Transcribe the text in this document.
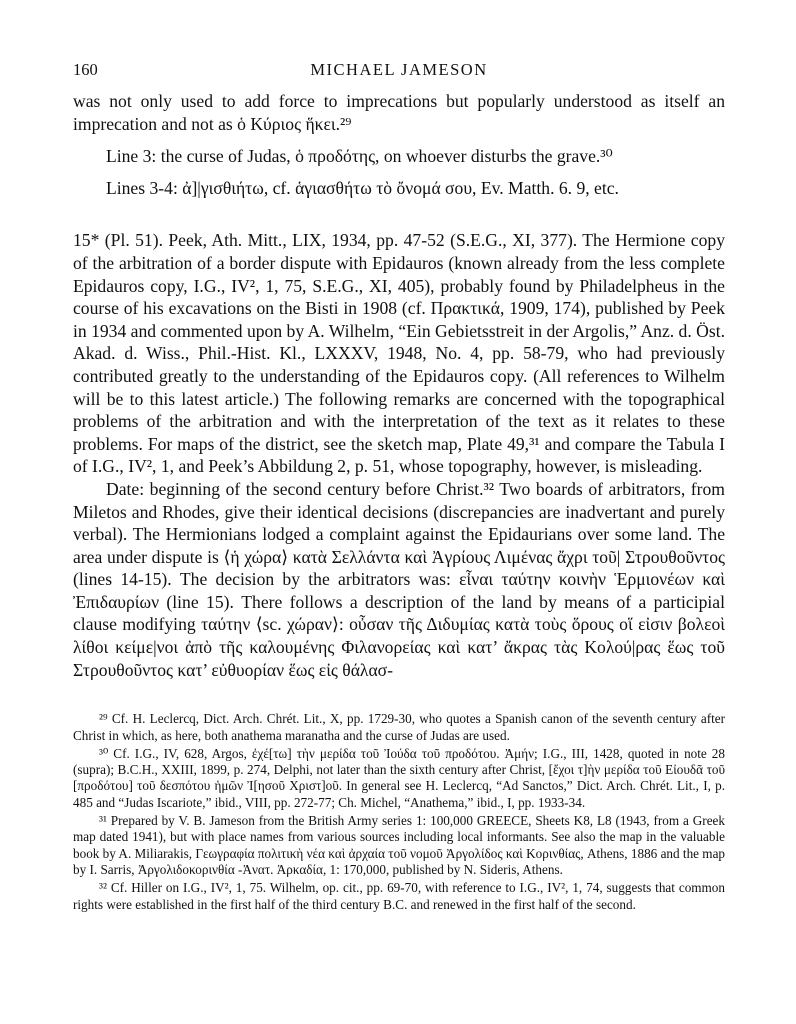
160	MICHAEL JAMESON

was not only used to add force to imprecations but popularly understood as itself an imprecation and not as ὁ Κύριος ἥκει.²⁹

Line 3: the curse of Judas, ὁ προδότης, on whoever disturbs the grave.³⁰

Lines 3-4: ἀ]|γισθιήτω, cf. ἁγιασθήτω τὸ ὄνομά σου, Ev. Matth. 6. 9, etc.

15* (Pl. 51). Peek, Ath. Mitt., LIX, 1934, pp. 47-52 (S.E.G., XI, 377). The Hermione copy of the arbitration of a border dispute with Epidauros (known already from the less complete Epidauros copy, I.G., IV², 1, 75, S.E.G., XI, 405), probably found by Philadelpheus in the course of his excavations on the Bisti in 1908 (cf. Πρακτικά, 1909, 174), published by Peek in 1934 and commented upon by A. Wilhelm, “Ein Gebietsstreit in der Argolis,” Anz. d. Öst. Akad. d. Wiss., Phil.-Hist. Kl., LXXXV, 1948, No. 4, pp. 58-79, who had previously contributed greatly to the understanding of the Epidauros copy. (All references to Wilhelm will be to this latest article.) The following remarks are concerned with the topographical problems of the arbitration and with the interpretation of the text as it relates to these problems. For maps of the district, see the sketch map, Plate 49,³¹ and compare the Tabula I of I.G., IV², 1, and Peek’s Abbildung 2, p. 51, whose topography, however, is misleading.

Date: beginning of the second century before Christ.³² Two boards of arbitrators, from Miletos and Rhodes, give their identical decisions (discrepancies are inadvertant and purely verbal). The Hermionians lodged a complaint against the Epidaurians over some land. The area under dispute is ⟨ἡ χώρα⟩ κατὰ Σελλάντα καὶ Ἀγρίους Λιμένας ἄχρι τοῦ| Στρουθοῦντος (lines 14-15). The decision by the arbitrators was: εἶναι ταύτην κοινὴν Ἑρμιονέων καὶ Ἐπιδαυρίων (line 15). There follows a description of the land by means of a participial clause modifying ταύτην ⟨sc. χώραν⟩: οὖσαν τῆς Διδυμίας κατὰ τοὺς ὅρους οἵ εἰσιν βολεοὶ λίθοι κείμε|νοι ἀπὸ τῆς καλουμένης Φιλανορείας καὶ κατ’ ἄκρας τὰς Κολού|ρας ἕως τοῦ Στρουθοῦντος κατ’ εὐθυορίαν ἕως εἰς θάλασ-

²⁹ Cf. H. Leclercq, Dict. Arch. Chrét. Lit., X, pp. 1729-30, who quotes a Spanish canon of the seventh century after Christ in which, as here, both anathema maranatha and the curse of Judas are used.

³⁰ Cf. I.G., IV, 628, Argos, ἐχέ[τω] τὴν μερίδα τοῦ Ἰούδα τοῦ προδότου. Ἀμήν; I.G., III, 1428, quoted in note 28 (supra); B.C.H., XXIII, 1899, p. 274, Delphi, not later than the sixth century after Christ, [ἔχοι τ]ὴν μερίδα τοῦ Εἰουδᾶ τοῦ [προδότου] τοῦ δεσπότου ἡμῶν Ἰ[ησοῦ Χριστ]οῦ. In general see H. Leclercq, “Ad Sanctos,” Dict. Arch. Chrét. Lit., I, p. 485 and “Judas Iscariote,” ibid., VIII, pp. 272-77; Ch. Michel, “Anathema,” ibid., I, pp. 1933-34.

³¹ Prepared by V. B. Jameson from the British Army series 1: 100,000 GREECE, Sheets K8, L8 (1943, from a Greek map dated 1941), but with place names from various sources including local informants. See also the map in the valuable book by A. Miliarakis, Γεωγραφία πολιτικὴ νέα καὶ ἀρχαία τοῦ νομοῦ Ἀργολίδος καὶ Κορινθίας, Athens, 1886 and the map by I. Sarris, Ἀργολιδοκορινθία -Ἀνατ. Ἀρκαδία, 1: 170,000, published by N. Sideris, Athens.

³² Cf. Hiller on I.G., IV², 1, 75. Wilhelm, op. cit., pp. 69-70, with reference to I.G., IV², 1, 74, suggests that common rights were established in the first half of the third century B.C. and renewed in the first half of the second.
